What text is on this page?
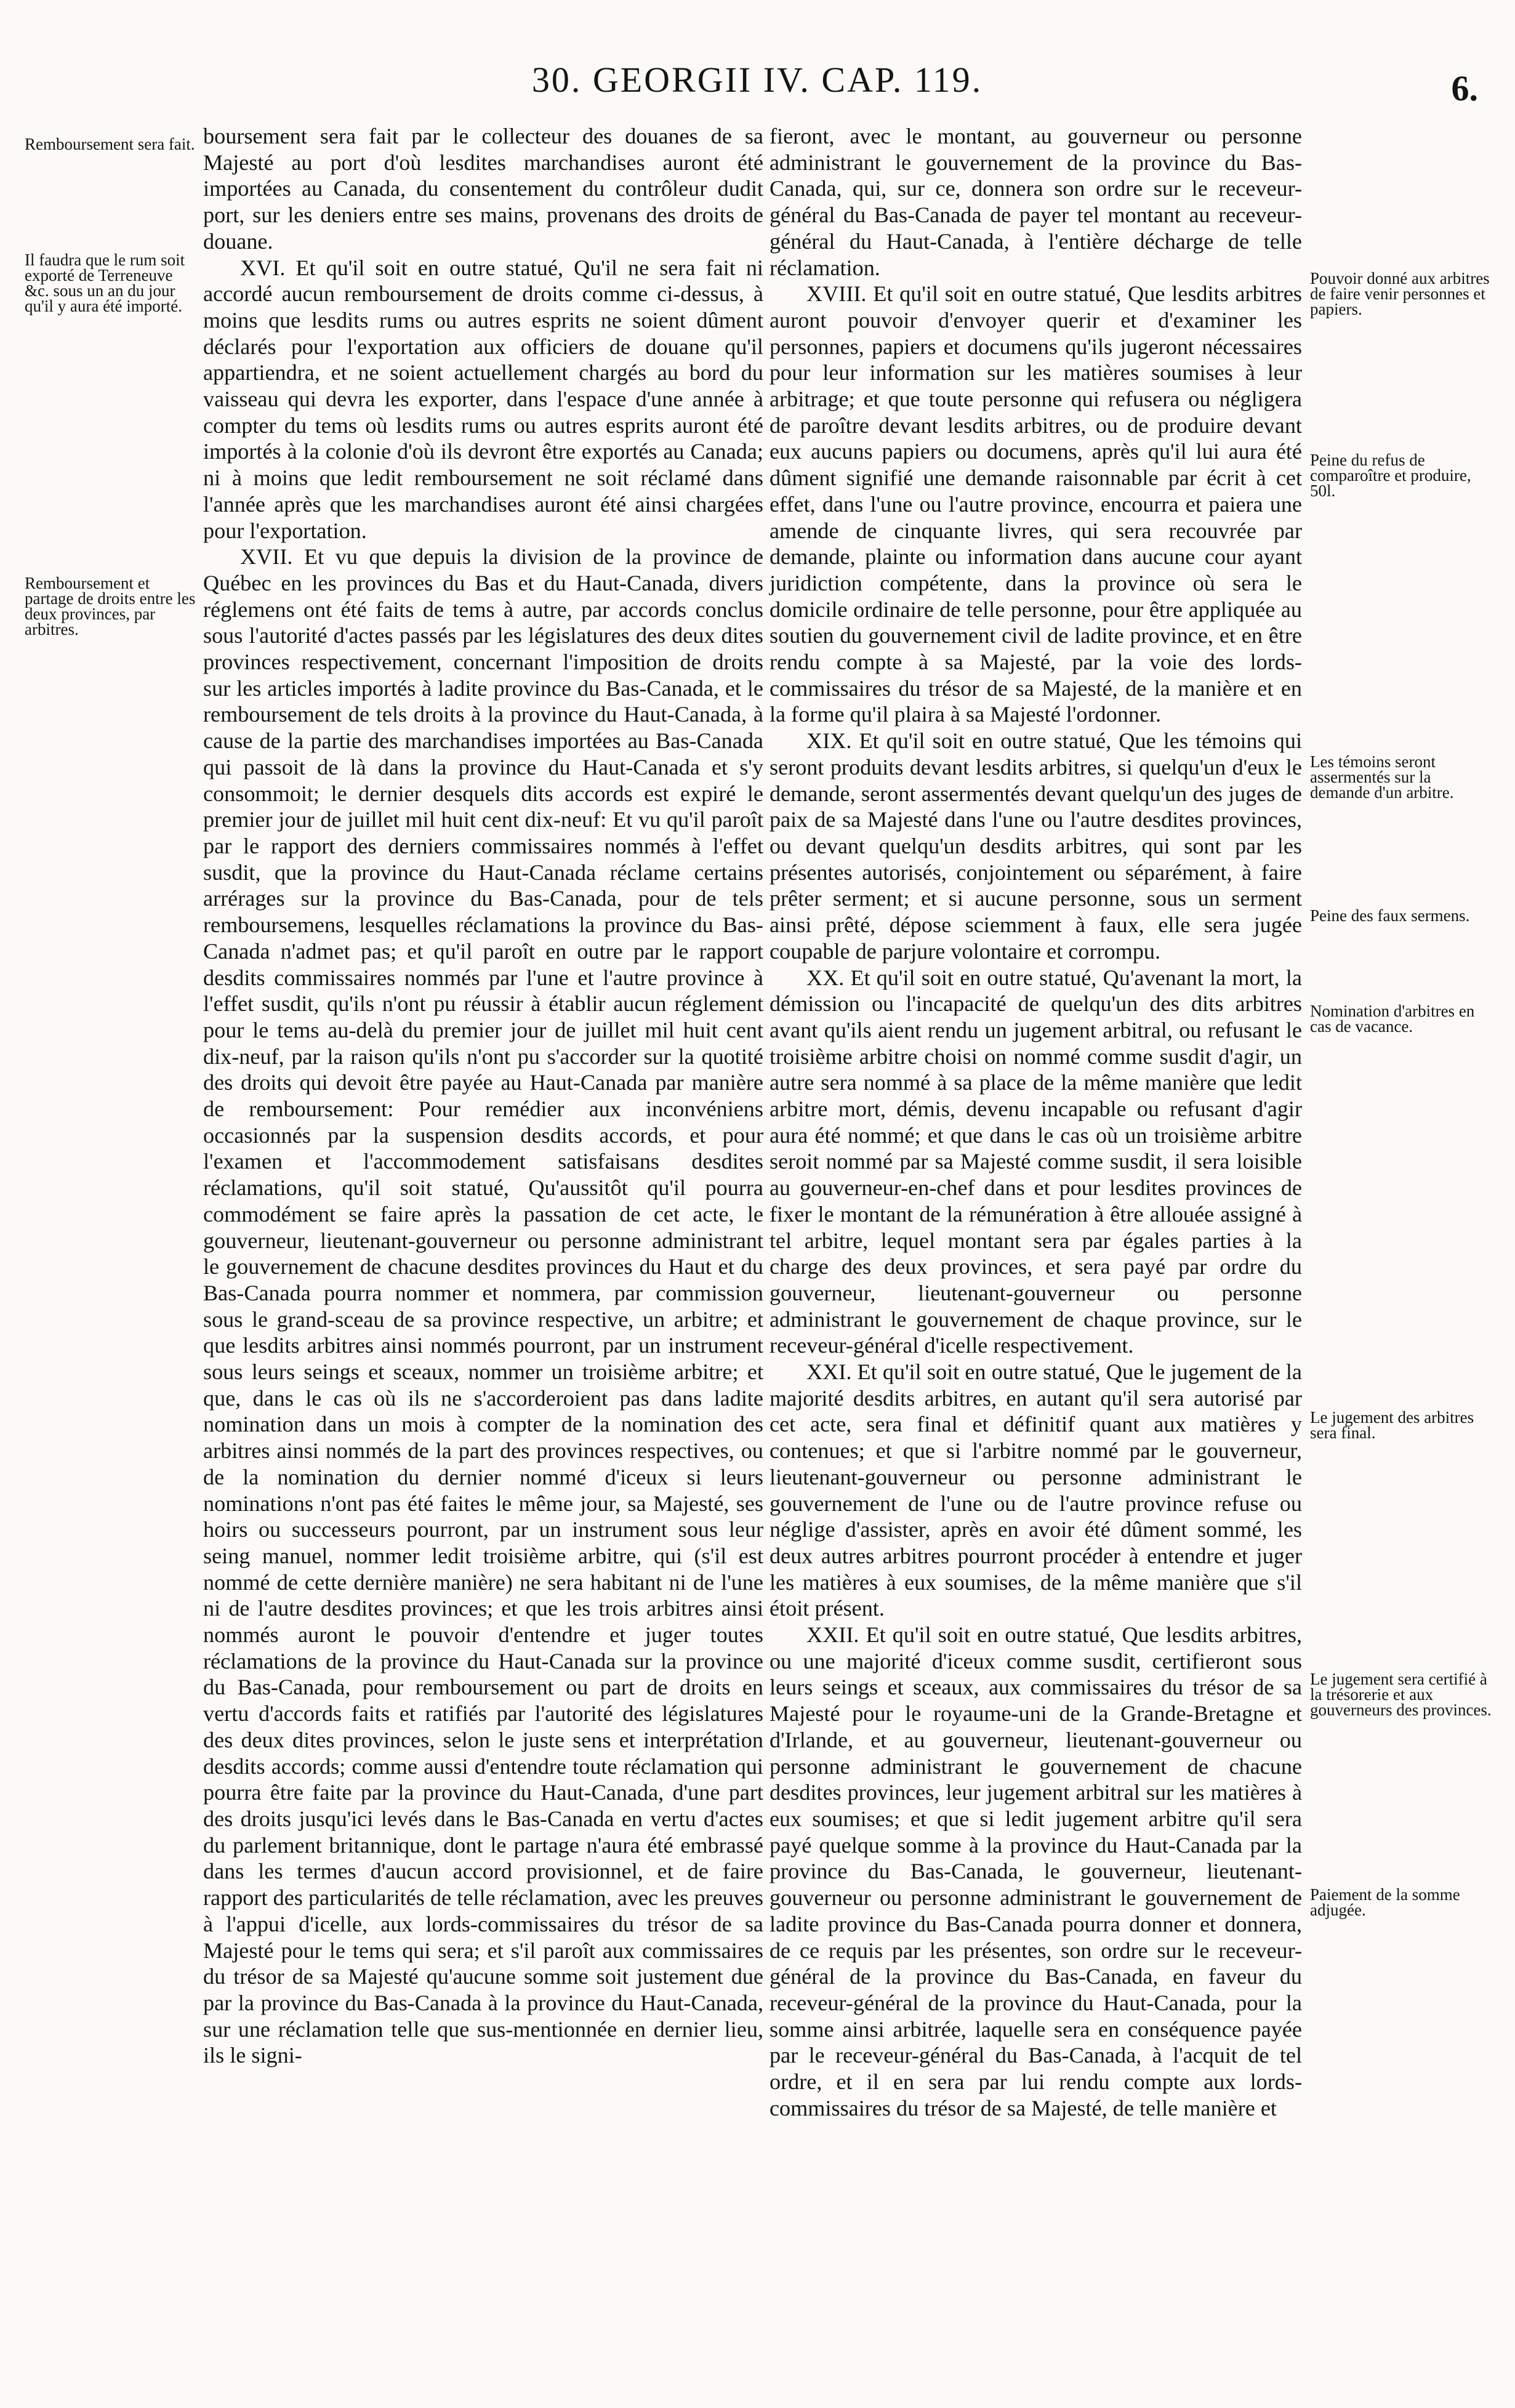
30. GEORGII IV. CAP. 119.	6.
Remboursement sera fait.
Il faudra que le rum soit exporté de Terreneuve &c. sous un an du jour qu'il y aura été importé.
Remboursement et partage de droits entre les deux provinces, par arbitres.

boursement sera fait par le collecteur des douanes de sa Majesté au port d'où lesdites marchandises auront été importées au Canada, du consentement du contrôleur dudit port, sur les deniers entre ses mains, provenans des droits de douane.

XVI. Et qu'il soit en outre statué, Qu'il ne sera fait ni accordé aucun remboursement de droits comme ci-dessus, à moins que lesdits rums ou autres esprits ne soient dûment déclarés pour l'exportation aux officiers de douane qu'il appartiendra, et ne soient actuellement chargés au bord du vaisseau qui devra les exporter, dans l'espace d'une année à compter du tems où lesdits rums ou autres esprits auront été importés à la colonie d'où ils devront être exportés au Canada; ni à moins que ledit remboursement ne soit réclamé dans l'année après que les marchandises auront été ainsi chargées pour l'exportation.

XVII. Et vu que depuis la division de la province de Québec en les provinces du Bas et du Haut-Canada, divers réglemens ont été faits de tems à autre, par accords conclus sous l'autorité d'actes passés par les législatures des deux dites provinces respectivement, concernant l'imposition de droits sur les articles importés à ladite province du Bas-Canada, et le remboursement de tels droits à la province du Haut-Canada, à cause de la partie des marchandises importées au Bas-Canada qui passoit de là dans la province du Haut-Canada et s'y consommoit; le dernier desquels dits accords est expiré le premier jour de juillet mil huit cent dix-neuf: Et vu qu'il paroît par le rapport des derniers commissaires nommés à l'effet susdit, que la province du Haut-Canada réclame certains arrérages sur la province du Bas-Canada, pour de tels remboursemens, lesquelles réclamations la province du Bas-Canada n'admet pas; et qu'il paroît en outre par le rapport desdits commissaires nommés par l'une et l'autre province à l'effet susdit, qu'ils n'ont pu réussir à établir aucun réglement pour le tems au-delà du premier jour de juillet mil huit cent dix-neuf, par la raison qu'ils n'ont pu s'accorder sur la quotité des droits qui devoit être payée au Haut-Canada par manière de remboursement: Pour remédier aux inconvéniens occasionnés par la suspension desdits accords, et pour l'examen et l'accommodement satisfaisans desdites réclamations, qu'il soit statué, Qu'aussitôt qu'il pourra commodément se faire après la passation de cet acte, le gouverneur, lieutenant-gouverneur ou personne administrant le gouvernement de chacune desdites provinces du Haut et du Bas-Canada pourra nommer et nommera, par commission sous le grand-sceau de sa province respective, un arbitre; et que lesdits arbitres ainsi nommés pourront, par un instrument sous leurs seings et sceaux, nommer un troisième arbitre; et que, dans le cas où ils ne s'accorderoient pas dans ladite nomination dans un mois à compter de la nomination des arbitres ainsi nommés de la part des provinces respectives, ou de la nomination du dernier nommé d'iceux si leurs nominations n'ont pas été faites le même jour, sa Majesté, ses hoirs ou successeurs pourront, par un instrument sous leur seing manuel, nommer ledit troisième arbitre, qui (s'il est nommé de cette dernière manière) ne sera habitant ni de l'une ni de l'autre desdites provinces; et que les trois arbitres ainsi nommés auront le pouvoir d'entendre et juger toutes réclamations de la province du Haut-Canada sur la province du Bas-Canada, pour remboursement ou part de droits en vertu d'accords faits et ratifiés par l'autorité des législatures des deux dites provinces, selon le juste sens et interprétation desdits accords; comme aussi d'entendre toute réclamation qui pourra être faite par la province du Haut-Canada, d'une part des droits jusqu'ici levés dans le Bas-Canada en vertu d'actes du parlement britannique, dont le partage n'aura été embrassé dans les termes d'aucun accord provisionnel, et de faire rapport des particularités de telle réclamation, avec les preuves à l'appui d'icelle, aux lords-commissaires du trésor de sa Majesté pour le tems qui sera; et s'il paroît aux commissaires du trésor de sa Majesté qu'aucune somme soit justement due par la province du Bas-Canada à la province du Haut-Canada, sur une réclamation telle que sus-mentionnée en dernier lieu, ils le signi-

fieront, avec le montant, au gouverneur ou personne administrant le gouvernement de la province du Bas-Canada, qui, sur ce, donnera son ordre sur le receveur-général du Bas-Canada de payer tel montant au receveur-général du Haut-Canada, à l'entière décharge de telle réclamation.

XVIII. Et qu'il soit en outre statué, Que lesdits arbitres auront pouvoir d'envoyer querir et d'examiner les personnes, papiers et documens qu'ils jugeront nécessaires pour leur information sur les matières soumises à leur arbitrage; et que toute personne qui refusera ou négligera de paroître devant lesdits arbitres, ou de produire devant eux aucuns papiers ou documens, après qu'il lui aura été dûment signifié une demande raisonnable par écrit à cet effet, dans l'une ou l'autre province, encourra et paiera une amende de cinquante livres, qui sera recouvrée par demande, plainte ou information dans aucune cour ayant juridiction compétente, dans la province où sera le domicile ordinaire de telle personne, pour être appliquée au soutien du gouvernement civil de ladite province, et en être rendu compte à sa Majesté, par la voie des lords-commissaires du trésor de sa Majesté, de la manière et en la forme qu'il plaira à sa Majesté l'ordonner.

XIX. Et qu'il soit en outre statué, Que les témoins qui seront produits devant lesdits arbitres, si quelqu'un d'eux le demande, seront assermentés devant quelqu'un des juges de paix de sa Majesté dans l'une ou l'autre desdites provinces, ou devant quelqu'un desdits arbitres, qui sont par les présentes autorisés, conjointement ou séparément, à faire prêter serment; et si aucune personne, sous un serment ainsi prêté, dépose sciemment à faux, elle sera jugée coupable de parjure volontaire et corrompu.

XX. Et qu'il soit en outre statué, Qu'avenant la mort, la démission ou l'incapacité de quelqu'un des dits arbitres avant qu'ils aient rendu un jugement arbitral, ou refusant le troisième arbitre choisi on nommé comme susdit d'agir, un autre sera nommé à sa place de la même manière que ledit arbitre mort, démis, devenu incapable ou refusant d'agir aura été nommé; et que dans le cas où un troisième arbitre seroit nommé par sa Majesté comme susdit, il sera loisible au gouverneur-en-chef dans et pour lesdites provinces de fixer le montant de la rémunération à être allouée assigné à tel arbitre, lequel montant sera par égales parties à la charge des deux provinces, et sera payé par ordre du gouverneur, lieutenant-gouverneur ou personne administrant le gouvernement de chaque province, sur le receveur-général d'icelle respectivement.

XXI. Et qu'il soit en outre statué, Que le jugement de la majorité desdits arbitres, en autant qu'il sera autorisé par cet acte, sera final et définitif quant aux matières y contenues; et que si l'arbitre nommé par le gouverneur, lieutenant-gouverneur ou personne administrant le gouvernement de l'une ou de l'autre province refuse ou néglige d'assister, après en avoir été dûment sommé, les deux autres arbitres pourront procéder à entendre et juger les matières à eux soumises, de la même manière que s'il étoit présent.

XXII. Et qu'il soit en outre statué, Que lesdits arbitres, ou une majorité d'iceux comme susdit, certifieront sous leurs seings et sceaux, aux commissaires du trésor de sa Majesté pour le royaume-uni de la Grande-Bretagne et d'Irlande, et au gouverneur, lieutenant-gouverneur ou personne administrant le gouvernement de chacune desdites provinces, leur jugement arbitral sur les matières à eux soumises; et que si ledit jugement arbitre qu'il sera payé quelque somme à la province du Haut-Canada par la province du Bas-Canada, le gouverneur, lieutenant-gouverneur ou personne administrant le gouvernement de ladite province du Bas-Canada pourra donner et donnera, de ce requis par les présentes, son ordre sur le receveur-général de la province du Bas-Canada, en faveur du receveur-général de la province du Haut-Canada, pour la somme ainsi arbitrée, laquelle sera en conséquence payée par le receveur-général du Bas-Canada, à l'acquit de tel ordre, et il en sera par lui rendu compte aux lords-commissaires du trésor de sa Majesté, de telle manière et

Pouvoir donné aux arbitres de faire venir personnes et papiers.
Peine du refus de comparoître et produire, 50l.
Les témoins seront assermentés sur la demande d'un arbitre.
Peine des faux sermens.
Nomination d'arbitres en cas de vacance.
Le jugement des arbitres sera final.
Le jugement sera certifié à la trésorerie et aux gouverneurs des provinces.
Paiement de la somme adjugée.
